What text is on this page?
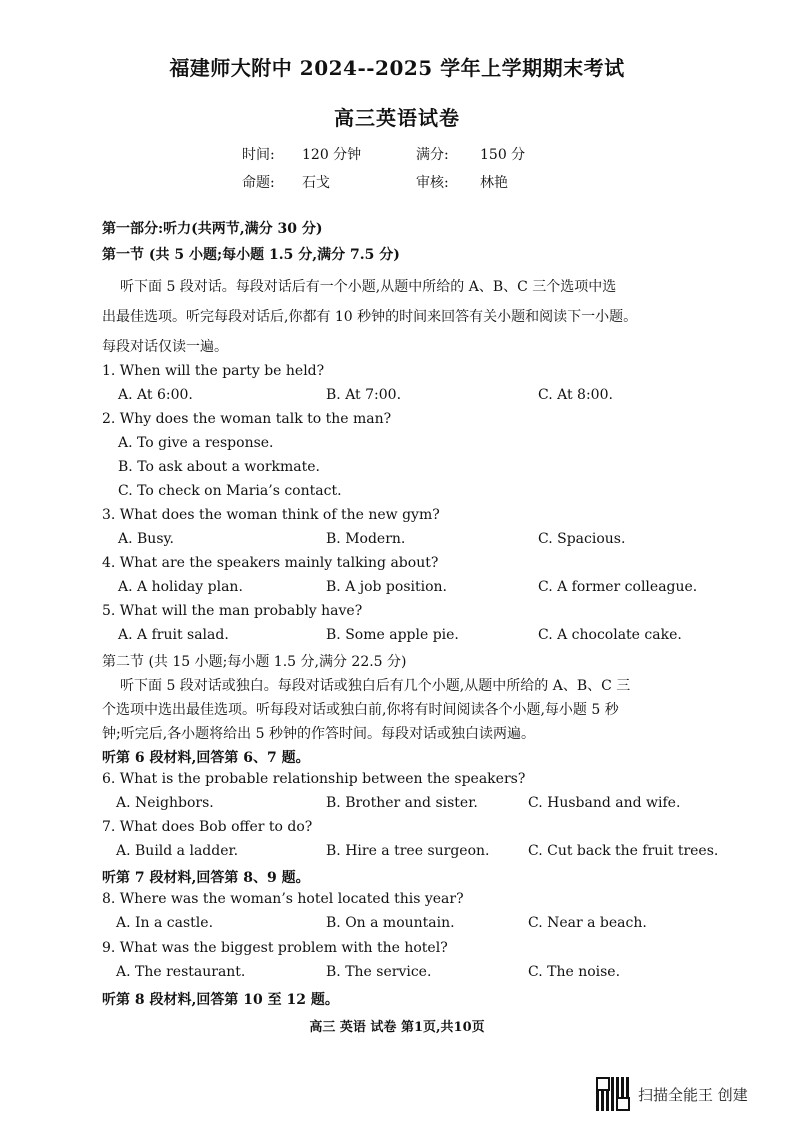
福建师大附中 2024--2025 学年上学期期末考试
高三英语试卷
时间: 120 分钟	满分: 150 分
命题: 石戈	审核: 林艳
第一部分:听力(共两节,满分 30 分)
第一节 (共 5 小题;每小题 1.5 分,满分 7.5 分)
听下面 5 段对话。每段对话后有一个小题,从题中所给的 A、B、C 三个选项中选
出最佳选项。听完每段对话后,你都有 10 秒钟的时间来回答有关小题和阅读下一小题。
每段对话仅读一遍。
1. When will the party be held?
A. At 6:00.	B. At 7:00.	C. At 8:00.
2. Why does the woman talk to the man?
A. To give a response.
B. To ask about a workmate.
C. To check on Maria’s contact.
3. What does the woman think of the new gym?
A. Busy.	B. Modern.	C. Spacious.
4. What are the speakers mainly talking about?
A. A holiday plan.	B. A job position.	C. A former colleague.
5. What will the man probably have?
A. A fruit salad.	B. Some apple pie.	C. A chocolate cake.
第二节 (共 15 小题;每小题 1.5 分,满分 22.5 分)
听下面 5 段对话或独白。每段对话或独白后有几个小题,从题中所给的 A、B、C 三
个选项中选出最佳选项。听每段对话或独白前,你将有时间阅读各个小题,每小题 5 秒
钟;听完后,各小题将给出 5 秒钟的作答时间。每段对话或独白读两遍。
听第 6 段材料,回答第 6、7 题。
6. What is the probable relationship between the speakers?
A. Neighbors.	B. Brother and sister.	C. Husband and wife.
7. What does Bob offer to do?
A. Build a ladder.	B. Hire a tree surgeon.	C. Cut back the fruit trees.
听第 7 段材料,回答第 8、9 题。
8. Where was the woman’s hotel located this year?
A. In a castle.	B. On a mountain.	C. Near a beach.
9. What was the biggest problem with the hotel?
A. The restaurant.	B. The service.	C. The noise.
听第 8 段材料,回答第 10 至 12 题。
高三 英语 试卷 第1页,共10页
扫描全能王 创建
